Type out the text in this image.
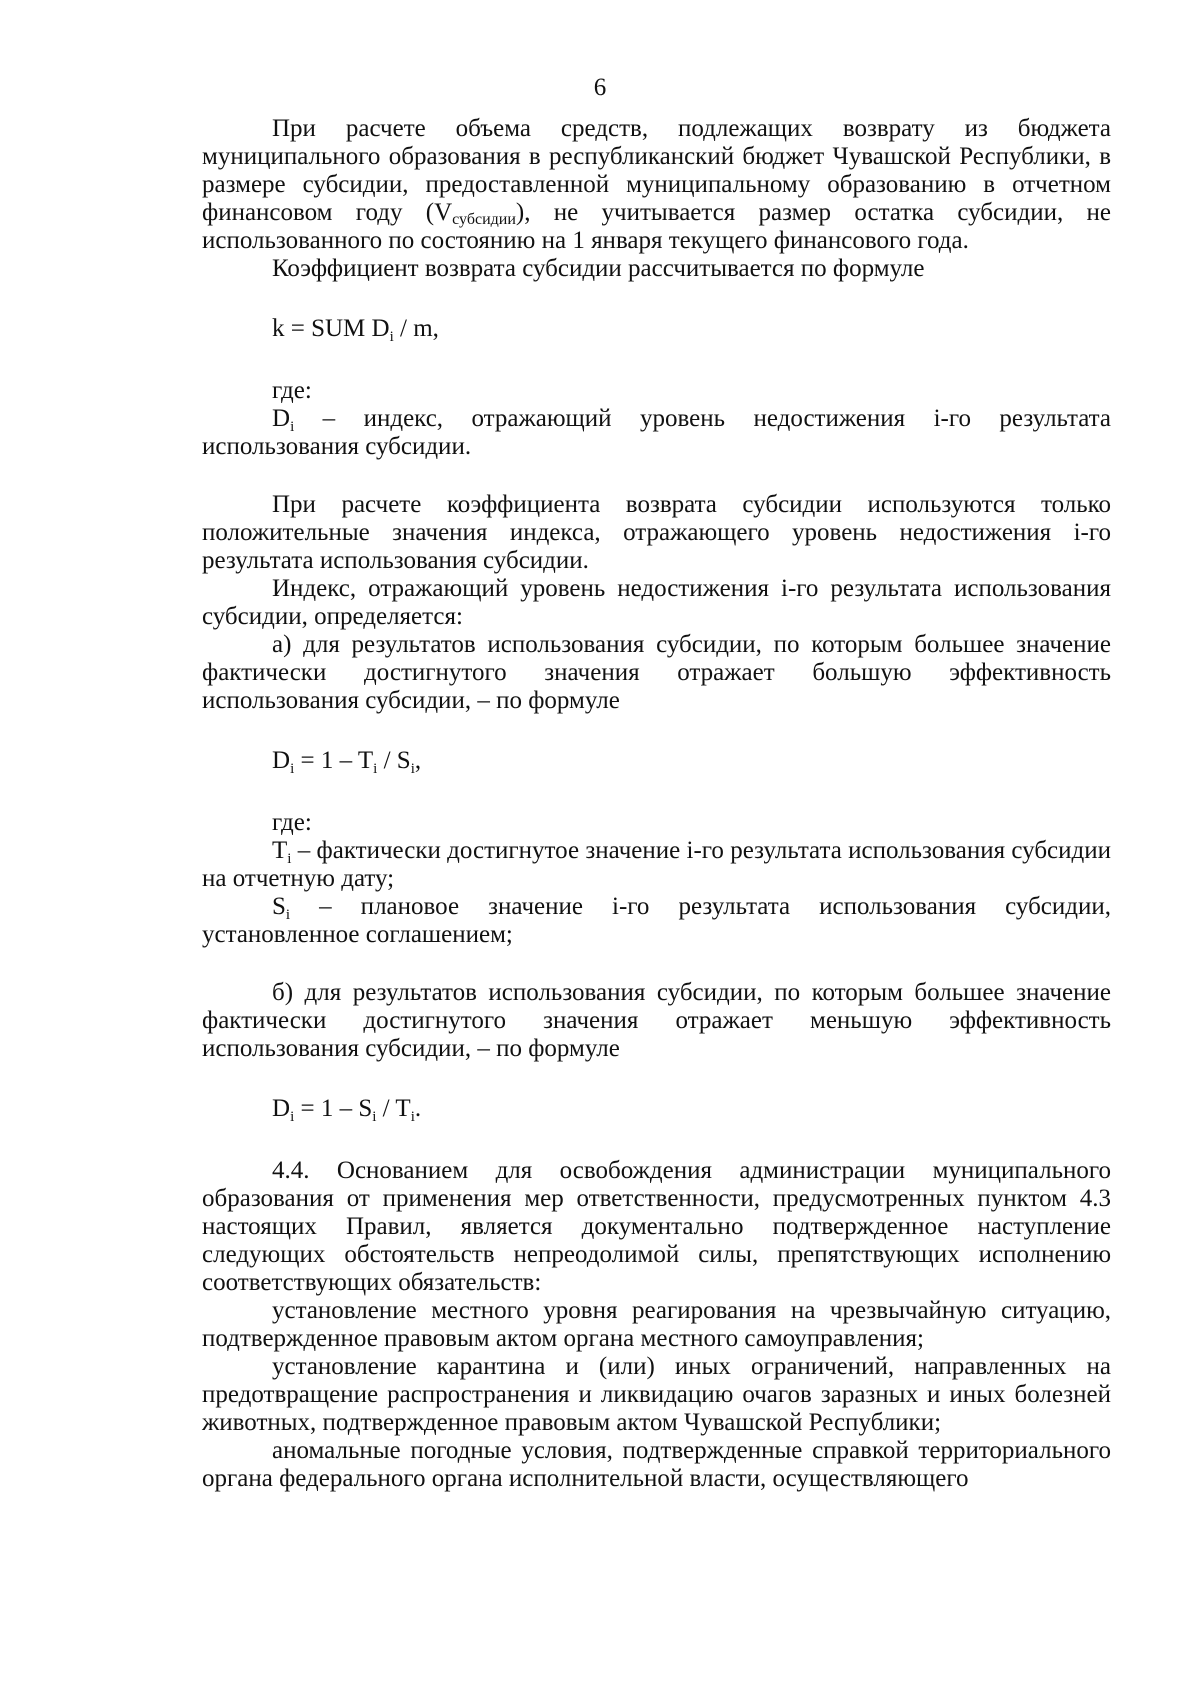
6

При расчете объема средств, подлежащих возврату из бюджета муниципального образования в республиканский бюджет Чувашской Республики, в размере субсидии, предоставленной муниципальному образованию в отчетном финансовом году $(V_{субсидии})$, не учитывается размер остатка субсидии, не использованного по состоянию на 1 января текущего финансового года.

Коэффициент возврата субсидии рассчитывается по формуле

k = SUM $D_i$ / m,

где:

$D_i$ – индекс, отражающий уровень недостижения i-го результата использования субсидии.

При расчете коэффициента возврата субсидии используются только положительные значения индекса, отражающего уровень недостижения i-го результата использования субсидии.

Индекс, отражающий уровень недостижения i-го результата использования субсидии, определяется:

а) для результатов использования субсидии, по которым большее значение фактически достигнутого значения отражает большую эффективность использования субсидии, – по формуле

$D_i = 1 - T_i / S_i$,

где:

$T_i$ – фактически достигнутое значение i-го результата использования субсидии на отчетную дату;

$S_i$ – плановое значение i-го результата использования субсидии, установленное соглашением;

б) для результатов использования субсидии, по которым большее значение фактически достигнутого значения отражает меньшую эффективность использования субсидии, – по формуле

$D_i = 1 - S_i / T_i$.

4.4. Основанием для освобождения администрации муниципального образования от применения мер ответственности, предусмотренных пунктом 4.3 настоящих Правил, является документально подтвержденное наступление следующих обстоятельств непреодолимой силы, препятствующих исполнению соответствующих обязательств:

установление местного уровня реагирования на чрезвычайную ситуацию, подтвержденное правовым актом органа местного самоуправления;

установление карантина и (или) иных ограничений, направленных на предотвращение распространения и ликвидацию очагов заразных и иных болезней животных, подтвержденное правовым актом Чувашской Республики;

аномальные погодные условия, подтвержденные справкой территориального органа федерального органа исполнительной власти, осуществляющего
